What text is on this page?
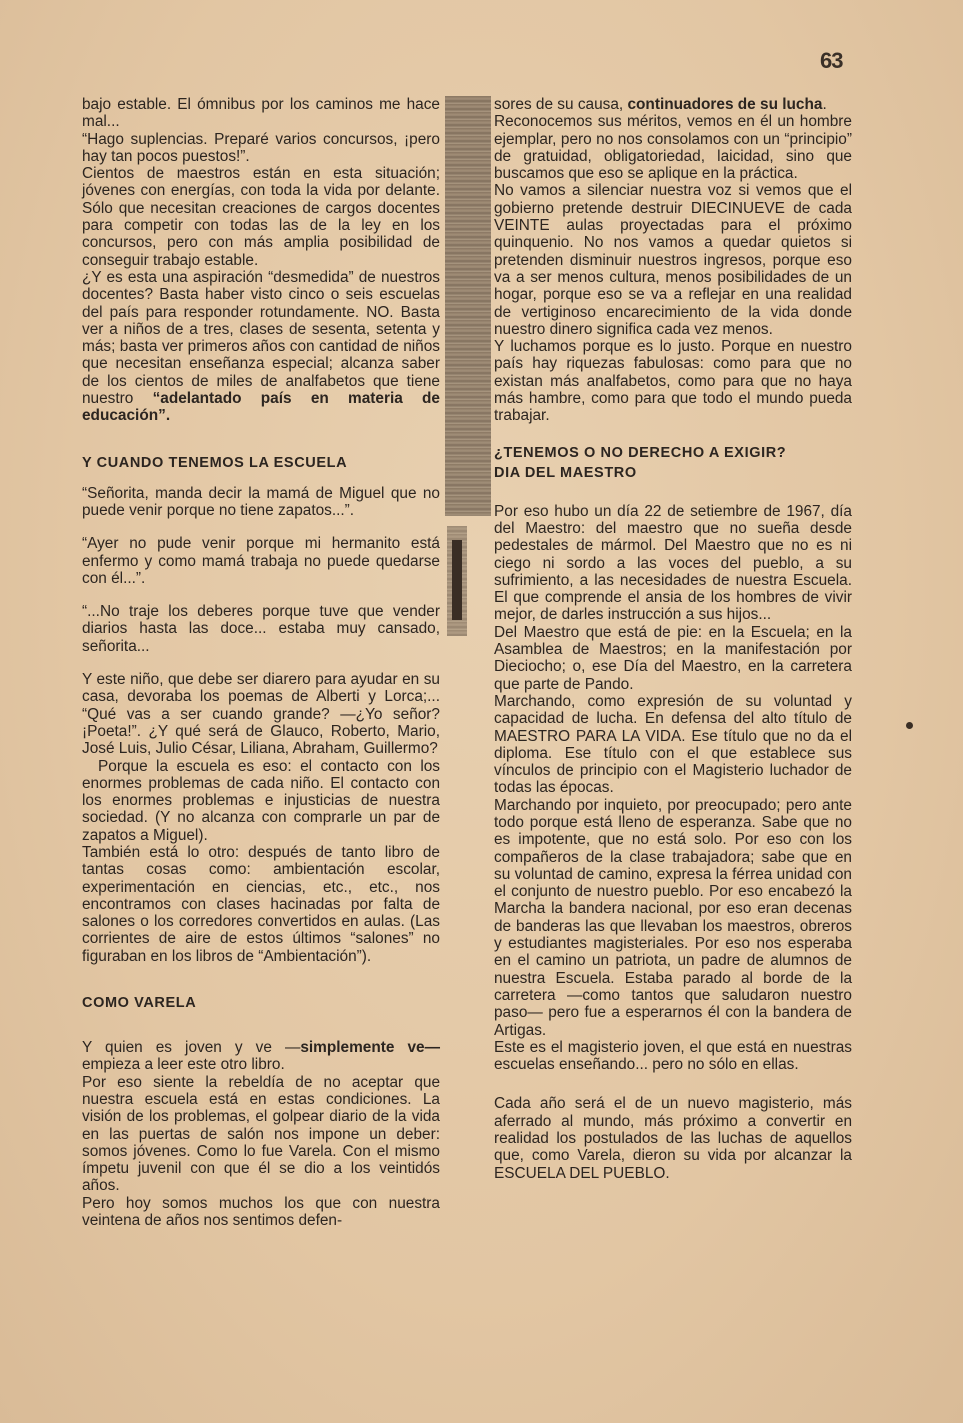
63

bajo estable. El ómnibus por los caminos me hace mal...

“Hago suplencias. Preparé varios concursos, ¡pero hay tan pocos puestos!”.

Cientos de maestros están en esta situación; jóvenes con energías, con toda la vida por delante. Sólo que necesitan creaciones de cargos docentes para competir con todas las de la ley en los concursos, pero con más amplia posibilidad de conseguir trabajo estable.

¿Y es esta una aspiración “desmedida” de nuestros docentes? Basta haber visto cinco o seis escuelas del país para responder rotundamente. NO. Basta ver a niños de a tres, clases de sesenta, setenta y más; basta ver primeros años con cantidad de niños que necesitan enseñanza especial; alcanza saber de los cientos de miles de analfabetos que tiene nuestro “adelantado país en materia de educación”.

Y CUANDO TENEMOS LA ESCUELA

“Señorita, manda decir la mamá de Miguel que no puede venir porque no tiene zapatos...”.

“Ayer no pude venir porque mi hermanito está enfermo y como mamá trabaja no puede quedarse con él...”.

“...No traje los deberes porque tuve que vender diarios hasta las doce... estaba muy cansado, señorita...

Y este niño, que debe ser diarero para ayudar en su casa, devoraba los poemas de Alberti y Lorca;... “Qué vas a ser cuando grande? —¿Yo señor? ¡Poeta!”. ¿Y qué será de Glauco, Roberto, Mario, José Luis, Julio César, Liliana, Abraham, Guillermo?

Porque la escuela es eso: el contacto con los enormes problemas de cada niño. El contacto con los enormes problemas e injusticias de nuestra sociedad. (Y no alcanza con comprarle un par de zapatos a Miguel).

También está lo otro: después de tanto libro de tantas cosas como: ambientación escolar, experimentación en ciencias, etc., etc., nos encontramos con clases hacinadas por falta de salones o los corredores convertidos en aulas. (Las corrientes de aire de estos últimos “salones” no figuraban en los libros de “Ambientación”).

COMO VARELA

Y quien es joven y ve —simplemente ve— empieza a leer este otro libro.

Por eso siente la rebeldía de no aceptar que nuestra escuela está en estas condiciones. La visión de los problemas, el golpear diario de la vida en las puertas de salón nos impone un deber: somos jóvenes. Como lo fue Varela. Con el mismo ímpetu juvenil con que él se dio a los veintidós años.

Pero hoy somos muchos los que con nuestra veintena de años nos sentimos defen-

sores de su causa, continuadores de su lucha.

Reconocemos sus méritos, vemos en él un hombre ejemplar, pero no nos consolamos con un “principio” de gratuidad, obligatoriedad, laicidad, sino que buscamos que eso se aplique en la práctica.

No vamos a silenciar nuestra voz si vemos que el gobierno pretende destruir DIECINUEVE de cada VEINTE aulas proyectadas para el próximo quinquenio. No nos vamos a quedar quietos si pretenden disminuir nuestros ingresos, porque eso va a ser menos cultura, menos posibilidades de un hogar, porque eso se va a reflejar en una realidad de vertiginoso encarecimiento de la vida donde nuestro dinero significa cada vez menos.

Y luchamos porque es lo justo. Porque en nuestro país hay riquezas fabulosas: como para que no existan más analfabetos, como para que no haya más hambre, como para que todo el mundo pueda trabajar.

¿TENEMOS O NO DERECHO A EXIGIR?
DIA DEL MAESTRO

Por eso hubo un día 22 de setiembre de 1967, día del Maestro: del maestro que no sueña desde pedestales de mármol. Del Maestro que no es ni ciego ni sordo a las voces del pueblo, a su sufrimiento, a las necesidades de nuestra Escuela. El que comprende el ansia de los hombres de vivir mejor, de darles instrucción a sus hijos...

Del Maestro que está de pie: en la Escuela; en la Asamblea de Maestros; en la manifestación por Dieciocho; o, ese Día del Maestro, en la carretera que parte de Pando.

Marchando, como expresión de su voluntad y capacidad de lucha. En defensa del alto título de MAESTRO PARA LA VIDA. Ese título que no da el diploma. Ese título con el que establece sus vínculos de principio con el Magisterio luchador de todas las épocas.

Marchando por inquieto, por preocupado; pero ante todo porque está lleno de esperanza. Sabe que no es impotente, que no está solo. Por eso con los compañeros de la clase trabajadora; sabe que en su voluntad de camino, expresa la férrea unidad con el conjunto de nuestro pueblo. Por eso encabezó la Marcha la bandera nacional, por eso eran decenas de banderas las que llevaban los maestros, obreros y estudiantes magisteriales. Por eso nos esperaba en el camino un patriota, un padre de alumnos de nuestra Escuela. Estaba parado al borde de la carretera —como tantos que saludaron nuestro paso— pero fue a esperarnos él con la bandera de Artigas.

Este es el magisterio joven, el que está en nuestras escuelas enseñando... pero no sólo en ellas.

Cada año será el de un nuevo magisterio, más aferrado al mundo, más próximo a convertir en realidad los postulados de las luchas de aquellos que, como Varela, dieron su vida por alcanzar la ESCUELA DEL PUEBLO.
